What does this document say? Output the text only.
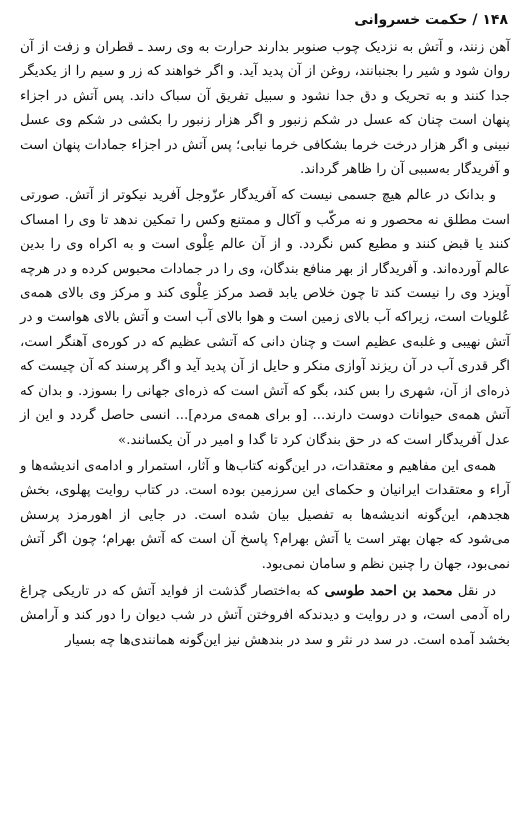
۱۴۸ / حکمت خسروانی

آهن زنند، و آتش به نزدیک چوب صنوبر بدارند حرارت به وی رسد ـ قطران و زفت از آن روان شود و شیر را بجنبانند، روغن از آن پدید آید. و اگر خواهند که زر و سیم را از یکدیگر جدا کنند و به تحریک و دق جدا نشود و سبیل تفریق آن سباک داند. پس آتش در اجزاء پنهان است چنان که عسل در شکم زنبور و اگر هزار زنبور را بکشی در شکم وی عسل نبینی و اگر هزار درخت خرما بشکافی خرما نیابی؛ پس آتش در اجزاء جمادات پنهان است و آفریدگار به‌سببی آن را ظاهر گرداند.

و بدانک در عالم هیچ جسمی نیست که آفریدگار عزّوجل آفرید نیکوتر از آتش. صورتی است مطلق نه محصور و نه مرکّب و آکال و ممتنع وکس را تمکین ندهد تا وی را امساک کنند یا قبض کنند و مطیع کس نگردد. و از آن عالم عِلْوی است و به اکراه وی را بدین عالم آورده‌اند. و آفریدگار از بهر منافع بندگان، وی را در جمادات محبوس کرده و در هرچه آویزد وی را نیست کند تا چون خلاص یابد قصد مرکز عِلْوی کند و مرکز وی بالای همه‌ی عُلویات است، زیراکه آب بالای زمین است و هوا بالای آب است و آتش بالای هواست و در آتش نهیبی و غلبه‌ی عظیم است و چنان دانی که آتشی عظیم که در کوره‌ی آهنگر است، اگر قدری آب در آن ریزند آوازی منکر و حایل از آن پدید آید و اگر پرسند که آن چیست که ذره‌ای از آن، شهری را بس کند، بگو که آتش است که ذره‌ای جهانی را بسوزد. و بدان که آتش همه‌ی حیوانات دوست دارند... [و برای همه‌ی مردم]... انسی حاصل گردد و این از عدل آفریدگار است که در حق بندگان کرد تا گدا و امیر در آن یکسانند.»

همه‌ی این مفاهیم و معتقدات، در این‌گونه کتاب‌ها و آثار، استمرار و ادامه‌ی اندیشه‌ها و آراء و معتقدات ایرانیان و حکمای این سرزمین بوده است. در کتاب روایت پهلوی، بخش هجدهم، این‌گونه اندیشه‌ها به تفصیل بیان شده است. در جایی از اهورمزد پرسش می‌شود که جهان بهتر است یا آتش بهرام؟ پاسخ آن است که آتش بهرام؛ چون اگر آتش نمی‌بود، جهان را چنین نظم و سامان نمی‌بود.

در نقل محمد بن احمد طوسی که به‌اختصار گذشت از فواید آتش که در تاریکی چراغ راه آدمی است، و در روایت و دیدندکه افروختن آتش در شب دیوان را دور کند و آرامش بخشد آمده است. در سد در نثر و سد در بندهش نیز این‌گونه همانندی‌ها چه بسیار
